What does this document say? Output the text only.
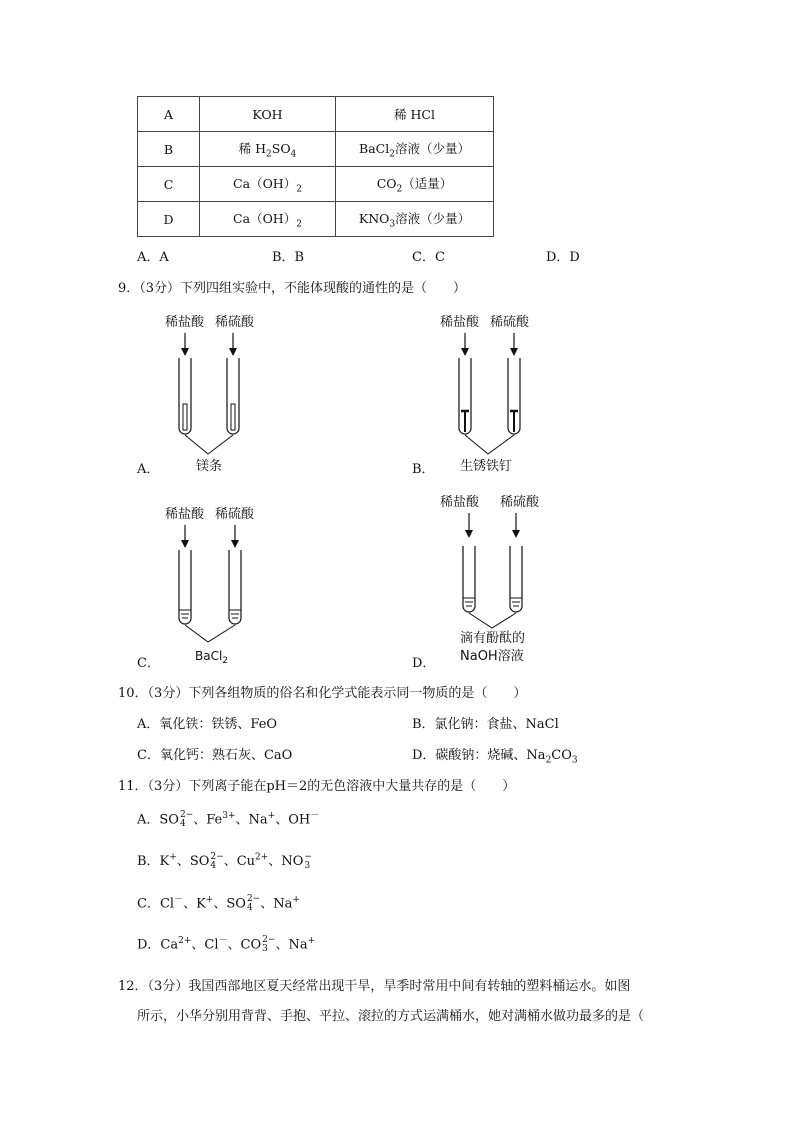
A	KOH	稀 HCl
B	稀 $H_2SO_4$	BaCl$_2$溶液（少量）
C	$Ca(OH)_2$	$CO_2$（适量）
D	$Ca(OH)_2$	$KNO_3$溶液（少量）
A．A	B．B	C．C	D．D
9．（3分）下列四组实验中，不能体现酸的通性的是（　　）
稀盐酸 稀硫酸
镁条
A．
稀盐酸 稀硫酸
生锈铁钉
B．
稀盐酸 稀硫酸
BaCl$_2$
C．
稀盐酸 稀硫酸
滴有酚酞的
NaOH溶液
D．
10．（3分）下列各组物质的俗名和化学式能表示同一物质的是（　　）
A．氧化铁：铁锈、FeO	B．氯化钠：食盐、NaCl
C．氧化钙：熟石灰、CaO	D．碳酸钠：烧碱、$Na_2CO_3$
11．（3分）下列离子能在pH＝2的无色溶液中大量共存的是（　　）
A．SO 2−
4 、$Fe^{3+}$、Na+、OH－
B．K+、SO 2−
4 、$Cu^{2+}$、NO −
3
C．Cl－、K+、SO 2−
4 、Na+
D．$Ca^{2+}$、Cl－、CO 2−
3 、Na+
12．（3分）我国西部地区夏天经常出现干旱，旱季时常用中间有转轴的塑料桶运水。如图
所示，小华分别用背背、手抱、平拉、滚拉的方式运满桶水，她对满桶水做功最多的是（
